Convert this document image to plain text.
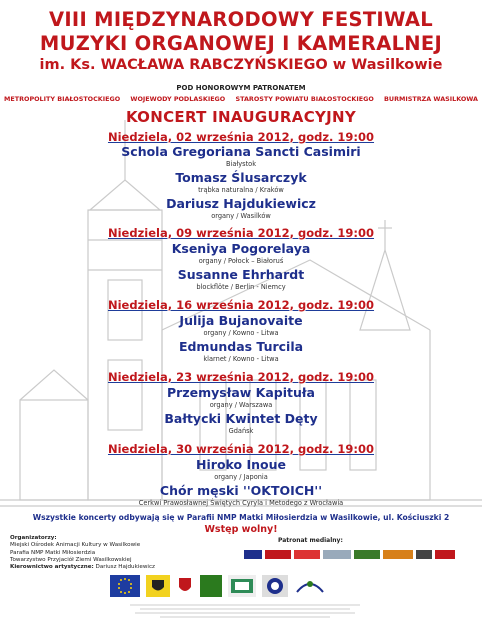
VIII MIĘDZYNARODOWY FESTIWAL
MUZYKI ORGANOWEJ I KAMERALNEJ
im. Ks. WACŁAWA RABCZYŃSKIEGO w Wasilkowie
POD HONOROWYM PATRONATEM
METROPOLITY BIAŁOSTOCKIEGO WOJEWODY PODLASKIEGO STAROSTY POWIATU BIAŁOSTOCKIEGO BURMISTRZA WASILKOWA
KONCERT INAUGURACYJNY
Niedziela, 02 września 2012, godz. 19:00
Schola Gregoriana Sancti Casimiri
Białystok
Tomasz Ślusarczyk
trąbka naturalna / Kraków
Dariusz Hajdukiewicz
organy / Wasilków
Niedziela, 09 września 2012, godz. 19:00
Kseniya Pogorelaya
organy / Połock – Białoruś
Susanne Ehrhardt
blockflöte / Berlin - Niemcy
Niedziela, 16 września 2012, godz. 19:00
Julija Bujanovaite
organy / Kowno - Litwa
Edmundas Turcila
klarnet / Kowno - Litwa
Niedziela, 23 września 2012, godz. 19:00
Przemysław Kapituła
organy / Warszawa
Bałtycki Kwintet Dęty
Gdańsk
Niedziela, 30 września 2012, godz. 19:00
Hiroko Inoue
organy / Japonia
Chór męski ''OKTOICH''
Cerkwi Prawosławnej Świętych Cyryla i Metodego z Wrocławia
Wszystkie koncerty odbywają się w Parafii NMP Matki Miłosierdzia w Wasilkowie, ul. Kościuszki 2
Wstęp wolny!
Organizatorzy:
Miejski Ośrodek Animacji Kultury w Wasilkowie
Parafia NMP Matki Miłosierdzia
Towarzystwo Przyjaciół Ziemi Wasilkowskiej
Kierownictwo artystyczne: Dariusz Hajdukiewicz
Patronat medialny:
